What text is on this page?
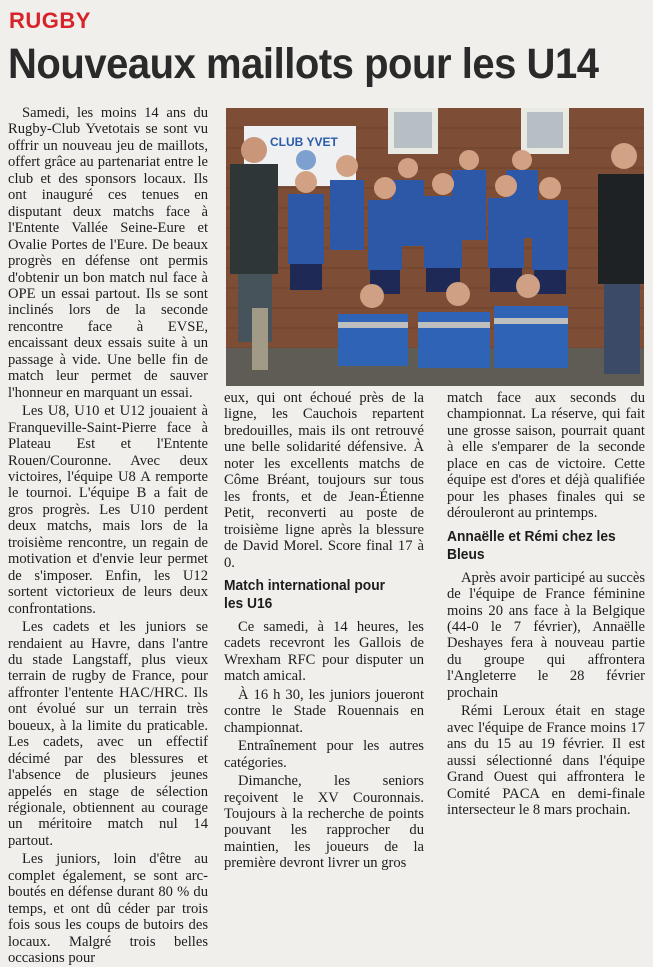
RUGBY
Nouveaux maillots pour les U14

Samedi, les moins 14 ans du Rugby-Club Yvetotais se sont vu offrir un nouveau jeu de maillots, offert grâce au partenariat entre le club et des sponsors locaux. Ils ont inauguré ces tenues en disputant deux matchs face à l'Entente Vallée Seine-Eure et Ovalie Portes de l'Eure. De beaux progrès en défense ont permis d'obtenir un bon match nul face à OPE un essai partout. Ils se sont inclinés lors de la seconde rencontre face à EVSE, encaissant deux essais suite à un passage à vide. Une belle fin de match leur permet de sauver l'honneur en marquant un essai.

Les U8, U10 et U12 jouaient à Franqueville-Saint-Pierre face à Plateau Est et l'Entente Rouen/Couronne. Avec deux victoires, l'équipe U8 A remporte le tournoi. L'équipe B a fait de gros progrès. Les U10 perdent deux matchs, mais lors de la troisième rencontre, un regain de motivation et d'envie leur permet de s'imposer. Enfin, les U12 sortent victorieux de leurs deux confrontations.

Les cadets et les juniors se rendaient au Havre, dans l'antre du stade Langstaff, plus vieux terrain de rugby de France, pour affronter l'entente HAC/HRC. Ils ont évolué sur un terrain très boueux, à la limite du praticable. Les cadets, avec un effectif décimé par des blessures et l'absence de plusieurs jeunes appelés en stage de sélection régionale, obtiennent au courage un méritoire match nul 14 partout.

Les juniors, loin d'être au complet également, se sont arc-boutés en défense durant 80 % du temps, et ont dû céder par trois fois sous les coups de butoirs des locaux. Malgré trois belles occasions pour

CLUB YVET

eux, qui ont échoué près de la ligne, les Cauchois repartent bredouilles, mais ils ont retrouvé une belle solidarité défensive. À noter les excellents matchs de Côme Bréant, toujours sur tous les fronts, et de Jean-Étienne Petit, reconverti au poste de troisième ligne après la blessure de David Morel. Score final 17 à 0.

Match international pour les U16

Ce samedi, à 14 heures, les cadets recevront les Gallois de Wrexham RFC pour disputer un match amical.

À 16 h 30, les juniors joueront contre le Stade Rouennais en championnat.

Entraînement pour les autres catégories.

Dimanche, les seniors reçoivent le XV Couronnais. Toujours à la recherche de points pouvant les rapprocher du maintien, les joueurs de la première devront livrer un gros

match face aux seconds du championnat. La réserve, qui fait une grosse saison, pourrait quant à elle s'emparer de la seconde place en cas de victoire. Cette équipe est d'ores et déjà qualifiée pour les phases finales qui se dérouleront au printemps.

Annaëlle et Rémi chez les Bleus

Après avoir participé au succès de l'équipe de France féminine moins 20 ans face à la Belgique (44-0 le 7 février), Annaëlle Deshayes fera à nouveau partie du groupe qui affrontera l'Angleterre le 28 février prochain

Rémi Leroux était en stage avec l'équipe de France moins 17 ans du 15 au 19 février. Il est aussi sélectionné dans l'équipe Grand Ouest qui affrontera le Comité PACA en demi-finale intersecteur le 8 mars prochain.
